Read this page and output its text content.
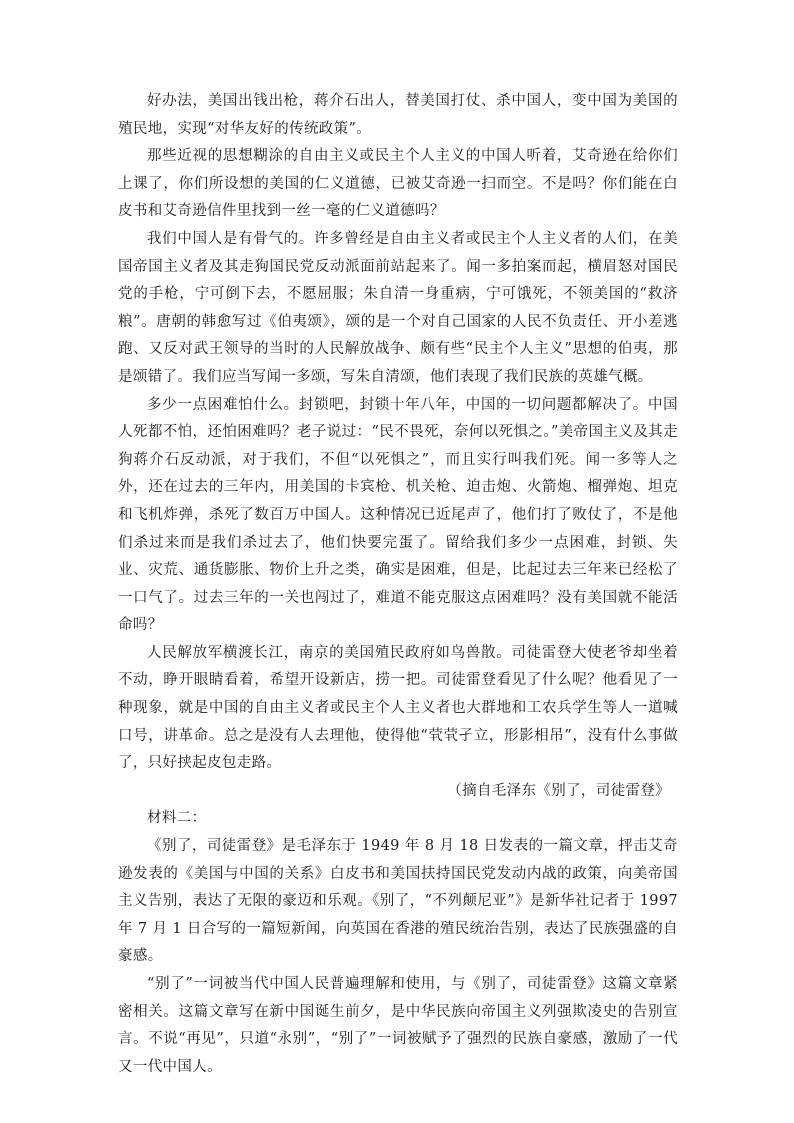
好办法，美国出钱出枪，蒋介石出人，替美国打仗、杀中国人，变中国为美国的殖民地，实现“对华友好的传统政策”。

那些近视的思想糊涂的自由主义或民主个人主义的中国人听着，艾奇逊在给你们上课了，你们所设想的美国的仁义道德，已被艾奇逊一扫而空。不是吗？你们能在白皮书和艾奇逊信件里找到一丝一毫的仁义道德吗？

我们中国人是有骨气的。许多曾经是自由主义者或民主个人主义者的人们，在美国帝国主义者及其走狗国民党反动派面前站起来了。闻一多拍案而起，横眉怒对国民党的手枪，宁可倒下去，不愿屈服；朱自清一身重病，宁可饿死，不领美国的“救济粮”。唐朝的韩愈写过《伯夷颂》，颂的是一个对自己国家的人民不负责任、开小差逃跑、又反对武王领导的当时的人民解放战争、颇有些“民主个人主义”思想的伯夷，那是颂错了。我们应当写闻一多颂，写朱自清颂，他们表现了我们民族的英雄气概。

多少一点困难怕什么。封锁吧，封锁十年八年，中国的一切问题都解决了。中国人死都不怕，还怕困难吗？老子说过：“民不畏死，奈何以死惧之。”美帝国主义及其走狗蒋介石反动派，对于我们，不但“以死惧之”，而且实行叫我们死。闻一多等人之外，还在过去的三年内，用美国的卡宾枪、机关枪、迫击炮、火箭炮、榴弹炮、坦克和飞机炸弹，杀死了数百万中国人。这种情况已近尾声了，他们打了败仗了，不是他们杀过来而是我们杀过去了，他们快要完蛋了。留给我们多少一点困难，封锁、失业、灾荒、通货膨胀、物价上升之类，确实是困难，但是，比起过去三年来已经松了一口气了。过去三年的一关也闯过了，难道不能克服这点困难吗？没有美国就不能活命吗？

人民解放军横渡长江，南京的美国殖民政府如鸟兽散。司徒雷登大使老爷却坐着不动，睁开眼睛看着，希望开设新店，捞一把。司徒雷登看见了什么呢？他看见了一种现象，就是中国的自由主义者或民主个人主义者也大群地和工农兵学生等人一道喊口号，讲革命。总之是没有人去理他，使得他“茕茕孑立，形影相吊”，没有什么事做了，只好挟起皮包走路。

（摘自毛泽东《别了，司徒雷登》

材料二：

《别了，司徒雷登》是毛泽东于 1949 年 8 月 18 日发表的一篇文章，抨击艾奇逊发表的《美国与中国的关系》白皮书和美国扶持国民党发动内战的政策，向美帝国主义告别，表达了无限的豪迈和乐观。《别了，“不列颠尼亚”》是新华社记者于 1997 年 7 月 1 日合写的一篇短新闻，向英国在香港的殖民统治告别，表达了民族强盛的自豪感。

“别了”一词被当代中国人民普遍理解和使用，与《别了，司徒雷登》这篇文章紧密相关。这篇文章写在新中国诞生前夕，是中华民族向帝国主义列强欺凌史的告别宣言。不说“再见”，只道“永别”，“别了”一词被赋予了强烈的民族自豪感，激励了一代又一代中国人。
